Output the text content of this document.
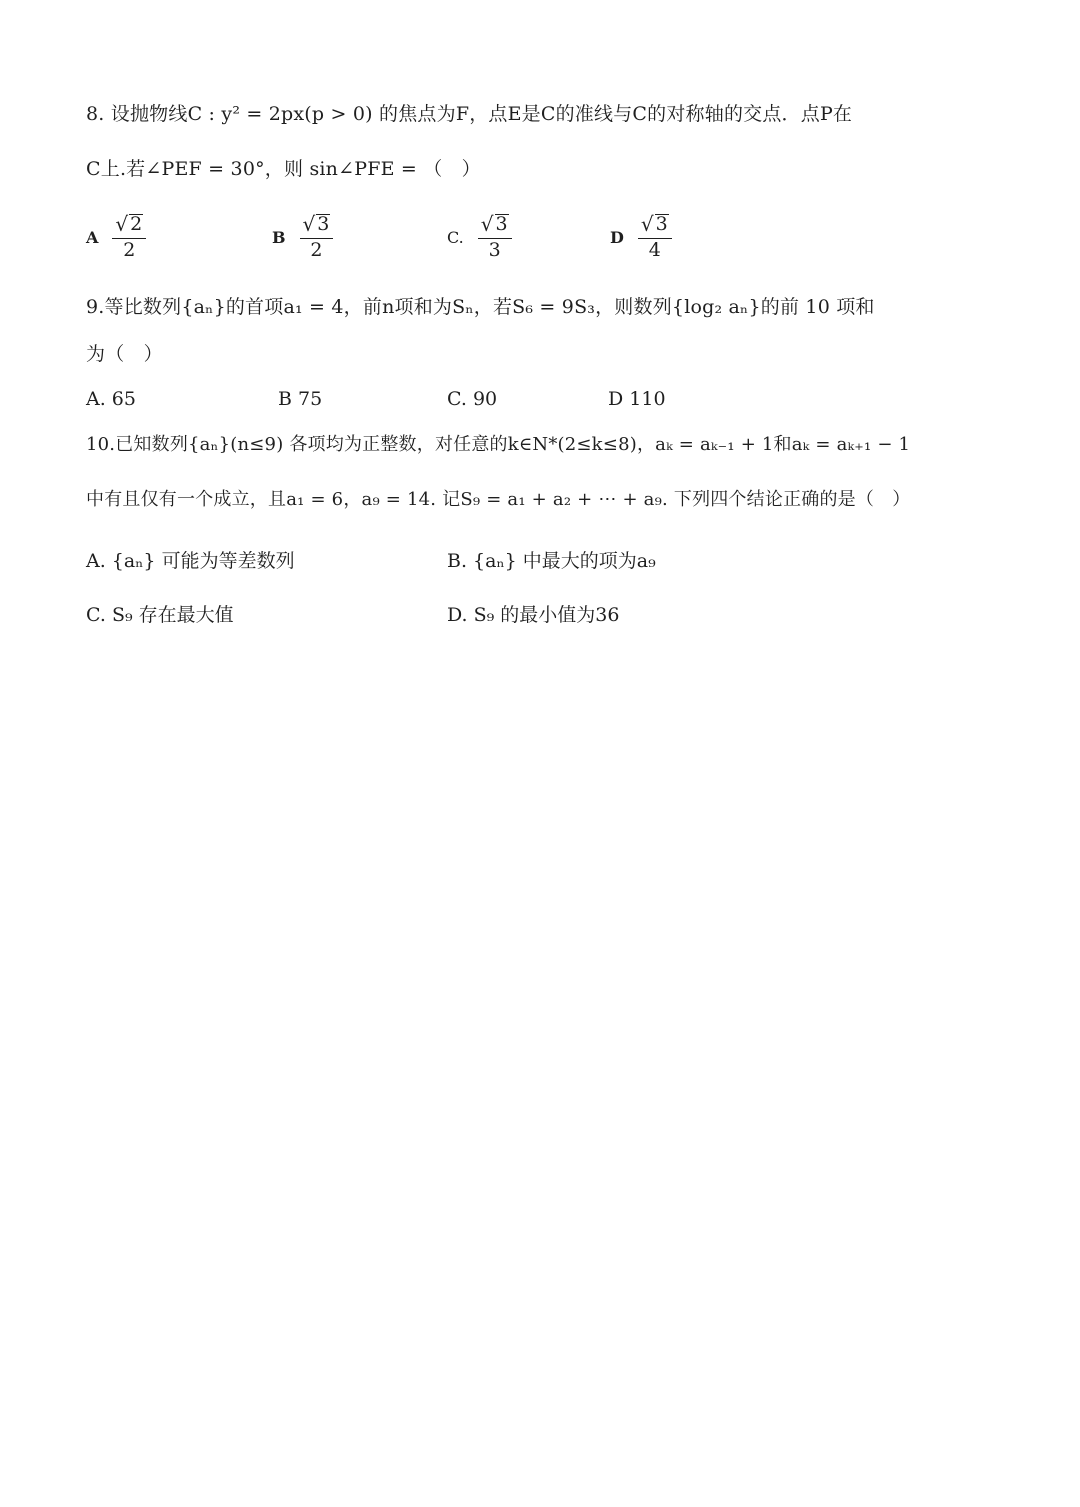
8. 设抛物线C : y² = 2px(p > 0) 的焦点为F，点E是C的准线与C的对称轴的交点．点P在
C上.若∠PEF = 30°，则 sin∠PFE = （　）
A $\frac{√ 2}{2}$	B $\frac{√ 3}{2}$	C. $\frac{√ 3}{3}$	D $\frac{√ 3}{4}$
9.等比数列{aₙ}的首项a₁ = 4，前n项和为Sₙ，若S₆ = 9S₃，则数列{log₂ aₙ}的前 10 项和
为（　）
A. 65	B 75	C. 90	D 110
10.已知数列{aₙ}(n≤9) 各项均为正整数，对任意的k∈N*(2≤k≤8)，aₖ = aₖ₋₁ + 1和aₖ = aₖ₊₁ − 1
中有且仅有一个成立，且a₁ = 6，a₉ = 14. 记S₉ = a₁ + a₂ + ⋯ + a₉. 下列四个结论正确的是（　）
A. {aₙ} 可能为等差数列	B. {aₙ} 中最大的项为a₉
C. S₉ 存在最大值	D. S₉ 的最小值为36
